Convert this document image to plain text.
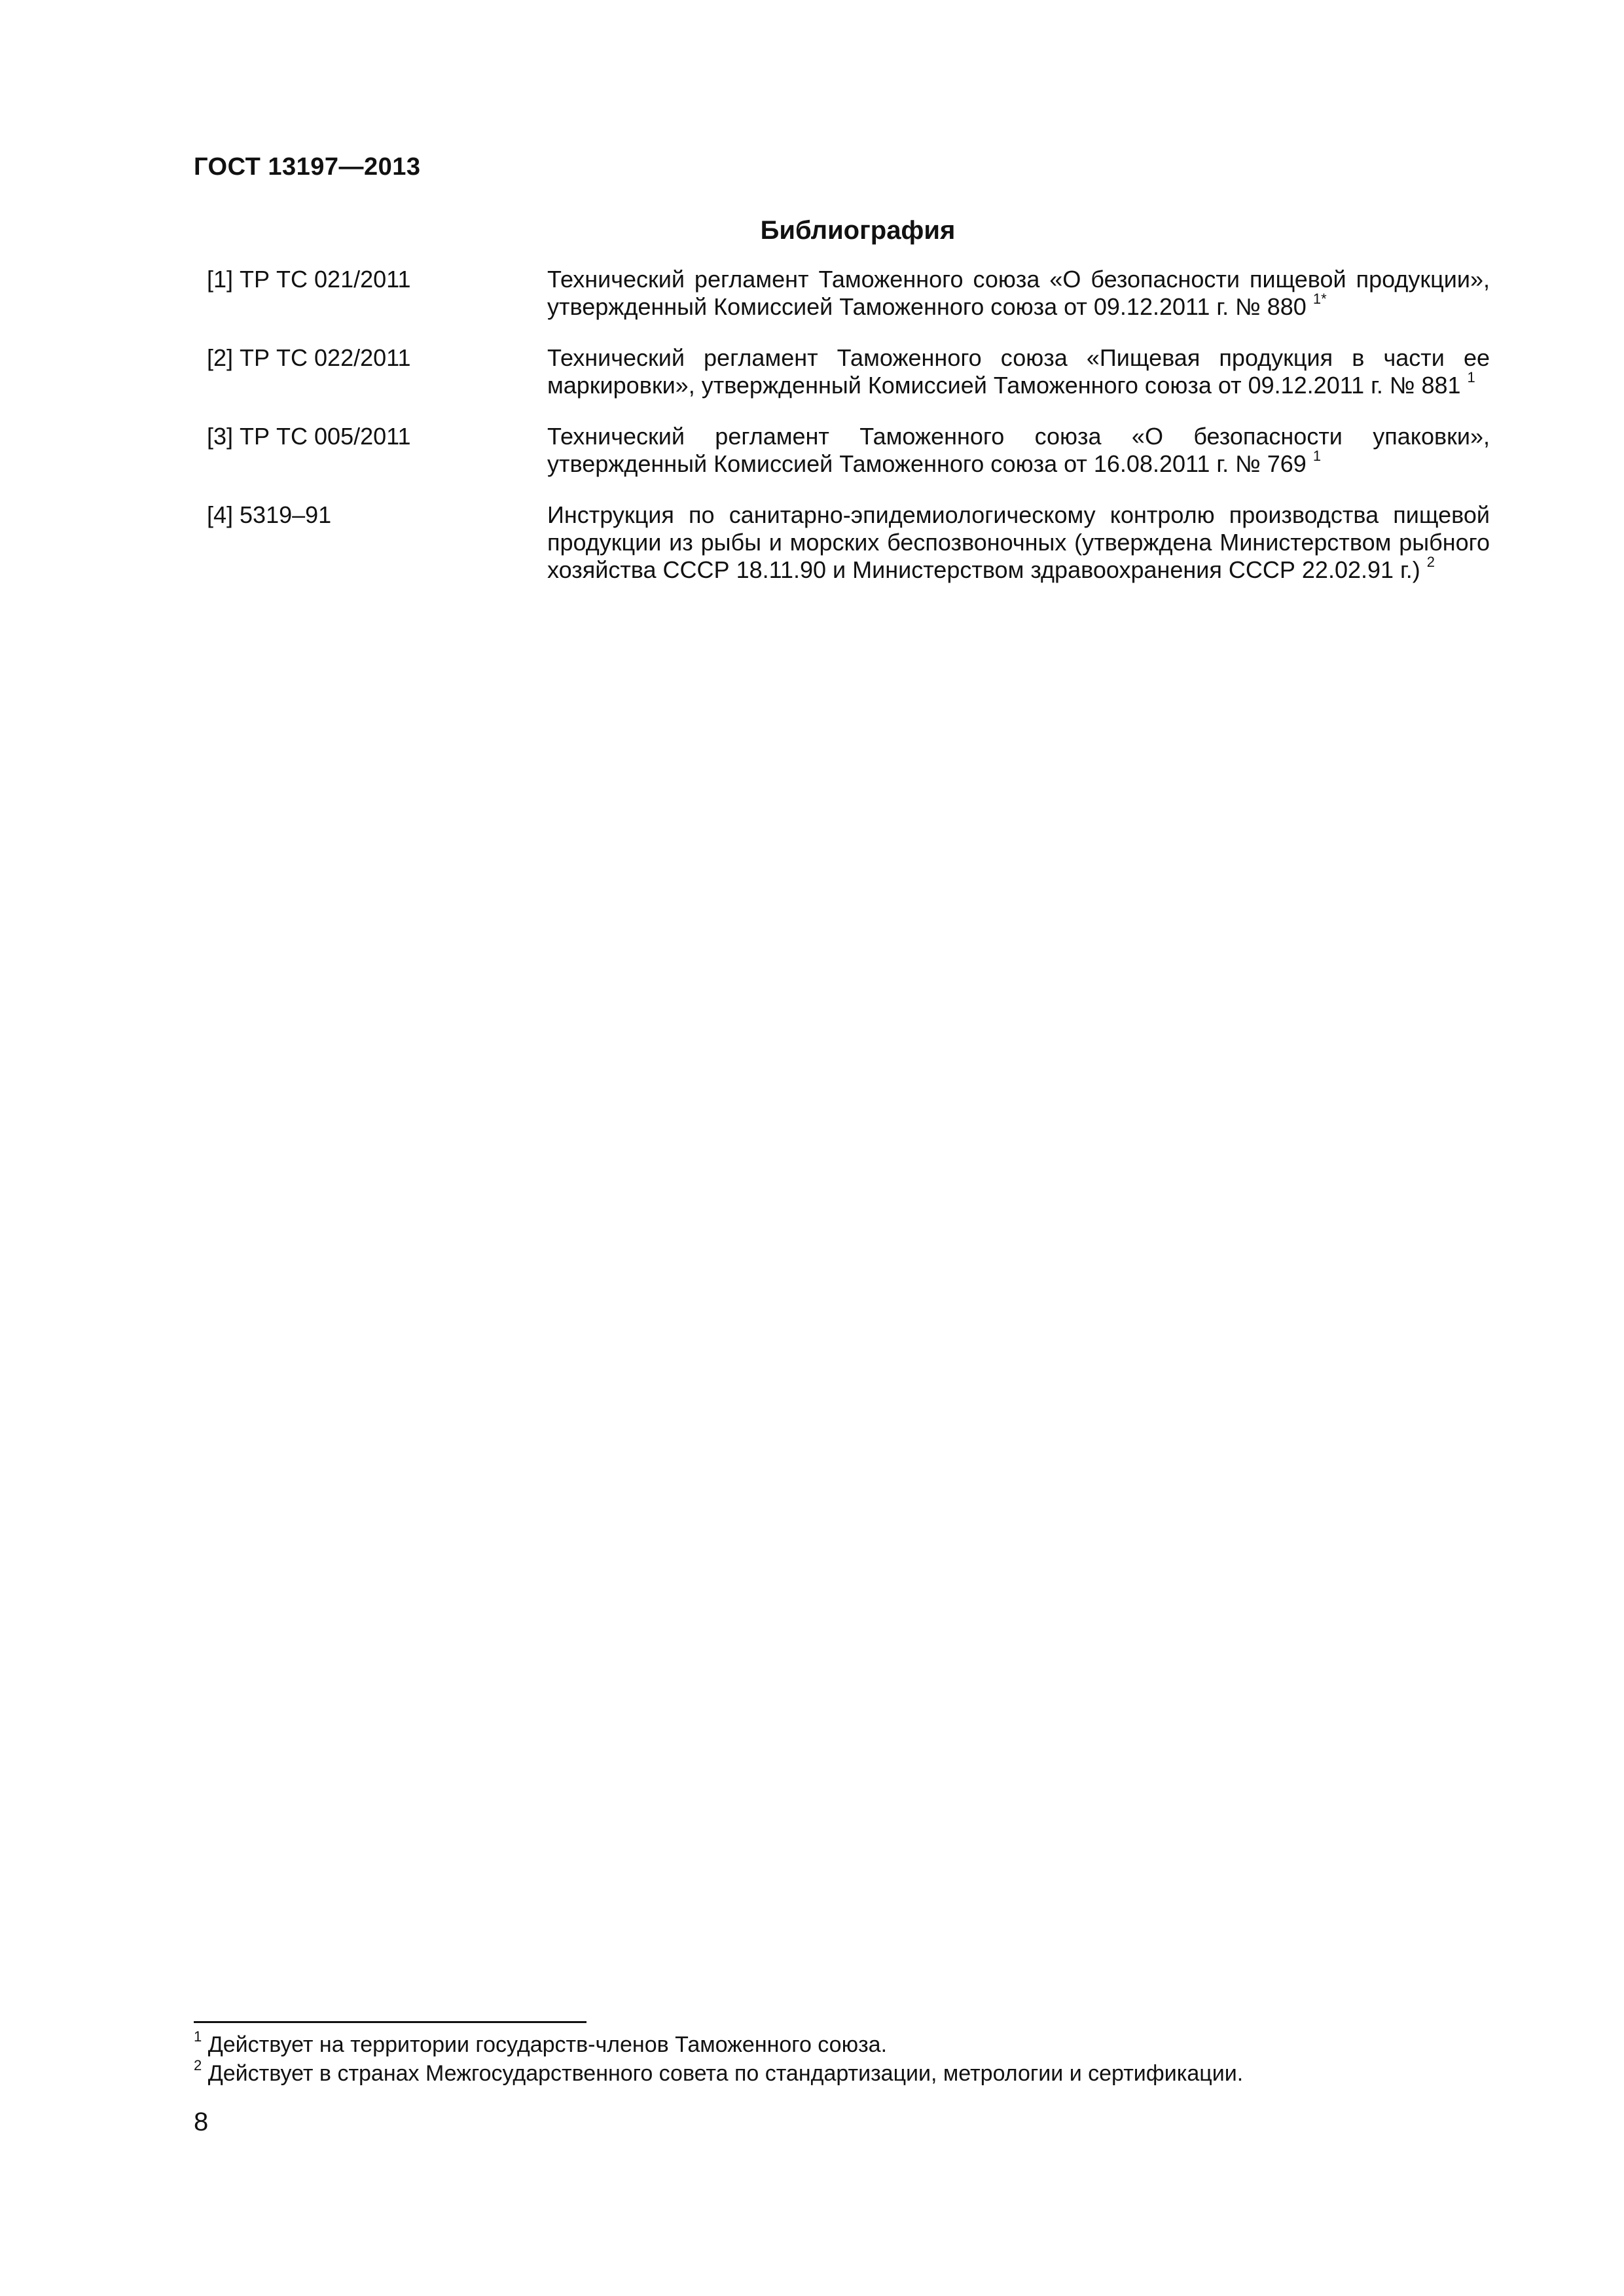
ГОСТ 13197—2013
Библиография
[1] ТР ТС 021/2011	Технический регламент Таможенного союза «О безопасности пищевой продукции», утвержденный Комиссией Таможенного союза от 09.12.2011 г. № 880 $^{1*}$
[2] ТР ТС 022/2011	Технический регламент Таможенного союза «Пищевая продукция в части ее маркировки», утвержденный Комиссией Таможенного союза от 09.12.2011 г. № 881 $^1$
[3] ТР ТС 005/2011	Технический регламент Таможенного союза «О безопасности упаковки», утвержденный Комиссией Таможенного союза от 16.08.2011 г. № 769 $^1$
[4] 5319–91	Инструкция по санитарно-эпидемиологическому контролю производства пищевой продукции из рыбы и морских беспозвоночных (утверждена Министерством рыбного хозяйства СССР 18.11.90 и Министерством здравоохранения СССР 22.02.91 г.) $^2$
$^1$ Действует на территории государств-членов Таможенного союза.
$^2$ Действует в странах Межгосударственного совета по стандартизации, метрологии и сертификации.
8
